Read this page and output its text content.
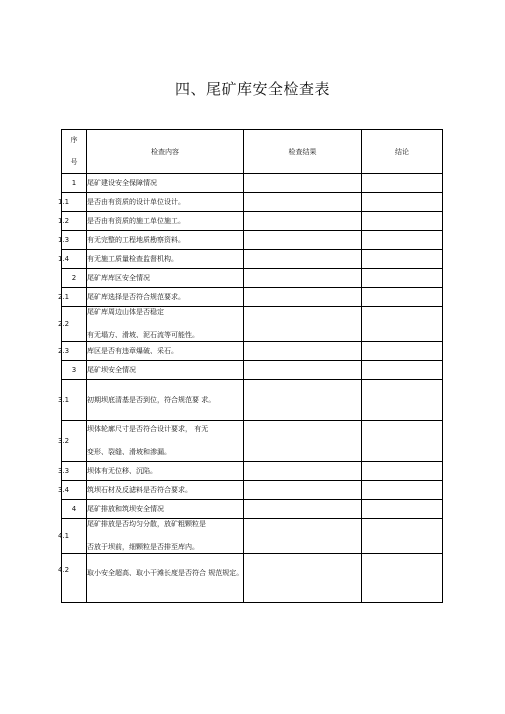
四、尾矿库安全检查表
序
号	检查内容	检查结果	结论
1	尾矿建设安全保障情况		
1.1	是否由有资质的设计单位设计。		
1.2	是否由有资质的施工单位施工。		
1.3	有无完整的工程地质勘察资料。		
1.4	有无施工质量检查监督机构。		
2	尾矿库库区安全情况		
2.1	尾矿库选择是否符合规范要求。		
2.2	尾矿库周边山体是否稳定
有无塌方、滑坡、泥石流等可能性。

2.3	库区是否有违章爆破、采石。		
3	尾矿坝安全情况		
3.1	初期坝底清基是否到位，符合规范要 求。		
3.2	坝体轮廓尺寸是否符合设计要求， 有无
变形、裂缝、滑坡和渗漏。

3.3	坝体有无位移、沉陷。		
3.4	筑坝石材及反滤料是否符合要求。		
4	尾矿排放和筑坝安全情况		
4.1	尾矿排放是否均匀分散，放矿粗颗粒是
否放于坝前，细颗粒是否排至库内。

4.2	取小安全超高、取小干滩长度是否符合 规范规定。		
